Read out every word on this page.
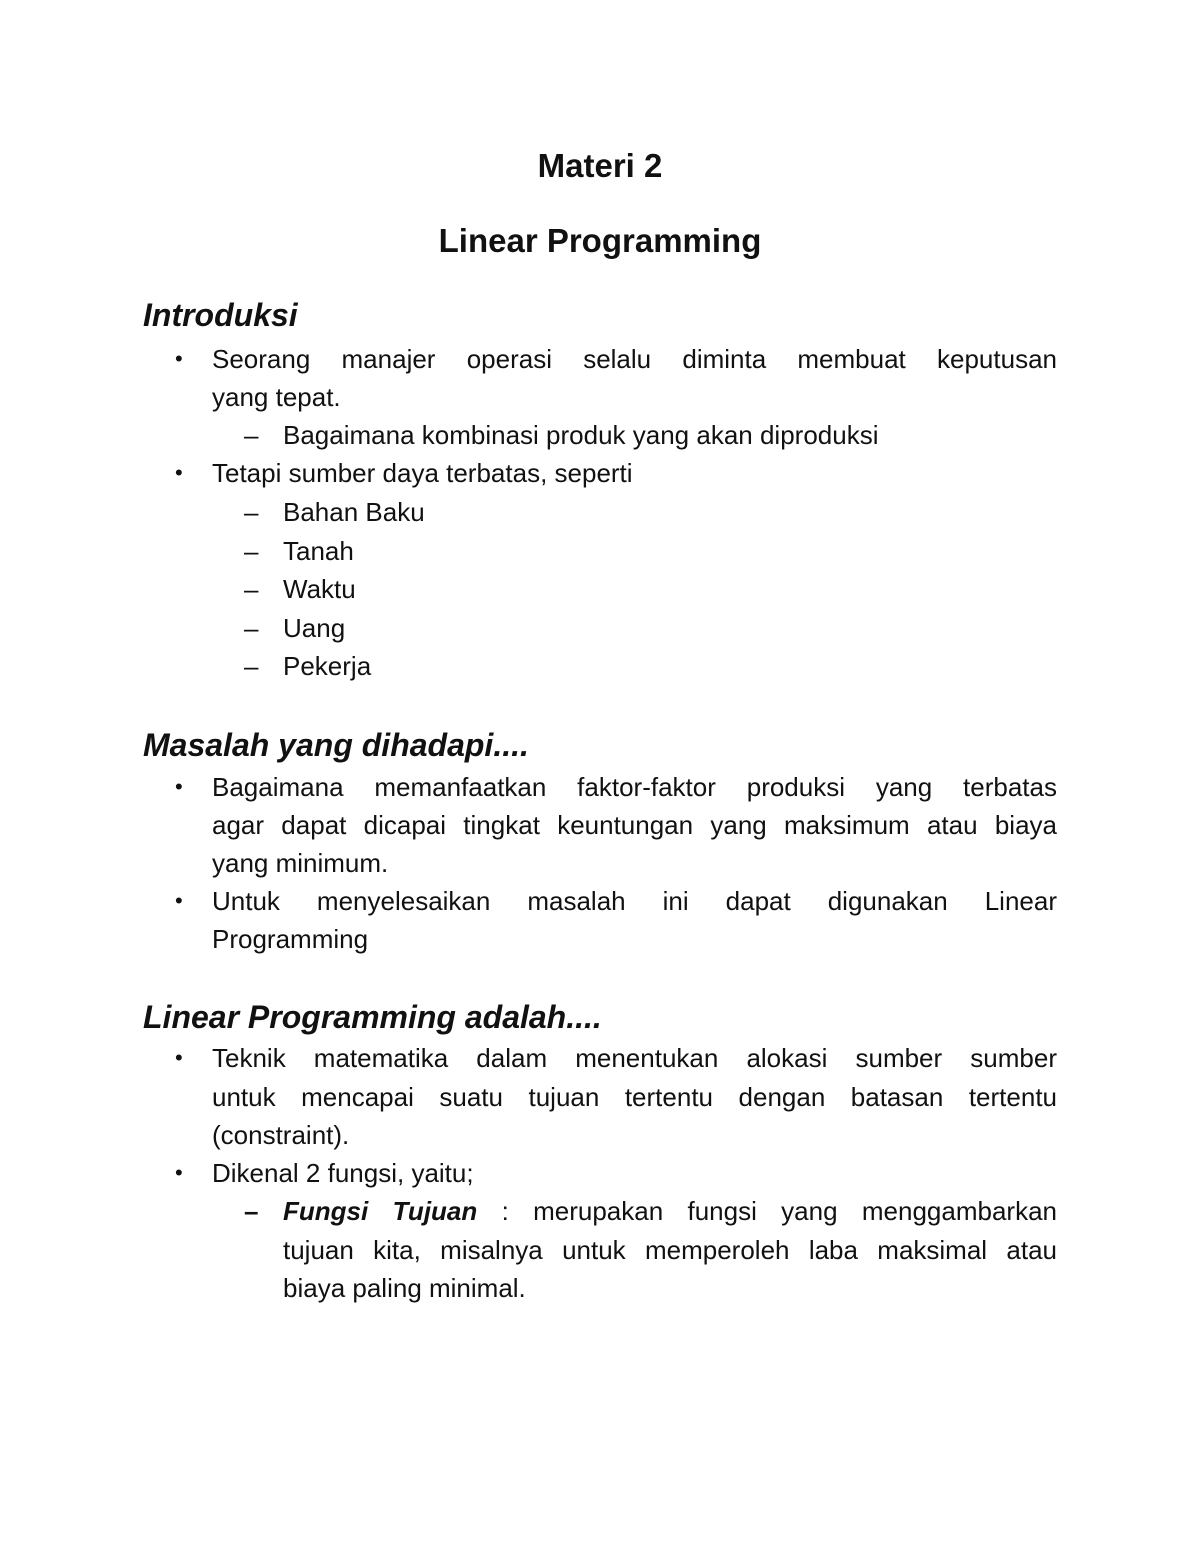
Materi 2
Linear Programming
Introduksi
• Seorang manajer operasi selalu diminta membuat keputusan
yang tepat.
– Bagaimana kombinasi produk yang akan diproduksi
• Tetapi sumber daya terbatas, seperti
– Bahan Baku
– Tanah
– Waktu
– Uang
– Pekerja
Masalah yang dihadapi....
• Bagaimana memanfaatkan faktor-faktor produksi yang terbatas
agar dapat dicapai tingkat keuntungan yang maksimum atau biaya
yang minimum.
• Untuk menyelesaikan masalah ini dapat digunakan Linear
Programming
Linear Programming adalah....
• Teknik matematika dalam menentukan alokasi sumber sumber
untuk mencapai suatu tujuan tertentu dengan batasan tertentu
(constraint).
• Dikenal 2 fungsi, yaitu;
– Fungsi Tujuan : merupakan fungsi yang menggambarkan
tujuan kita, misalnya untuk memperoleh laba maksimal atau
biaya paling minimal.
